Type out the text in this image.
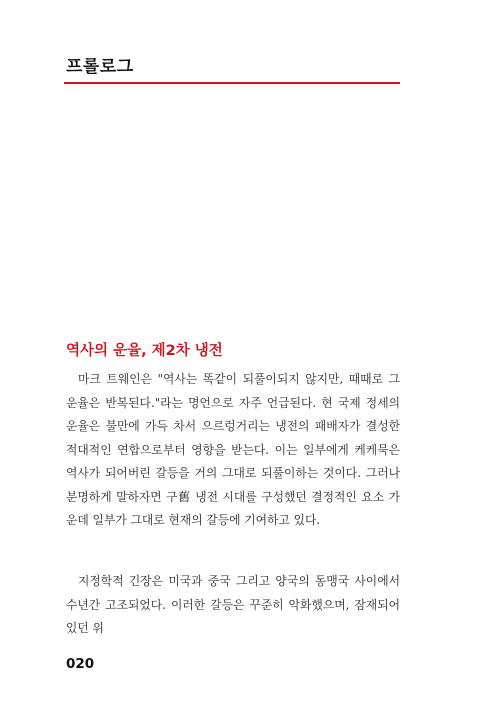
프롤로그
역사의 운율, 제2차 냉전

마크 트웨인은 "역사는 똑같이 되풀이되지 않지만, 때때로 그 운율은 반복된다."라는 명언으로 자주 언급된다. 현 국제 정세의 운율은 불만에 가득 차서 으르렁거리는 냉전의 패배자가 결성한 적대적인 연합으로부터 영향을 받는다. 이는 일부에게 케케묵은 역사가 되어버린 갈등을 거의 그대로 되풀이하는 것이다. 그러나 분명하게 말하자면 구舊 냉전 시대를 구성했던 결정적인 요소 가운데 일부가 그대로 현재의 갈등에 기여하고 있다.

지정학적 긴장은 미국과 중국 그리고 양국의 동맹국 사이에서 수년간 고조되었다. 이러한 갈등은 꾸준히 악화했으며, 잠재되어 있던 위

020
